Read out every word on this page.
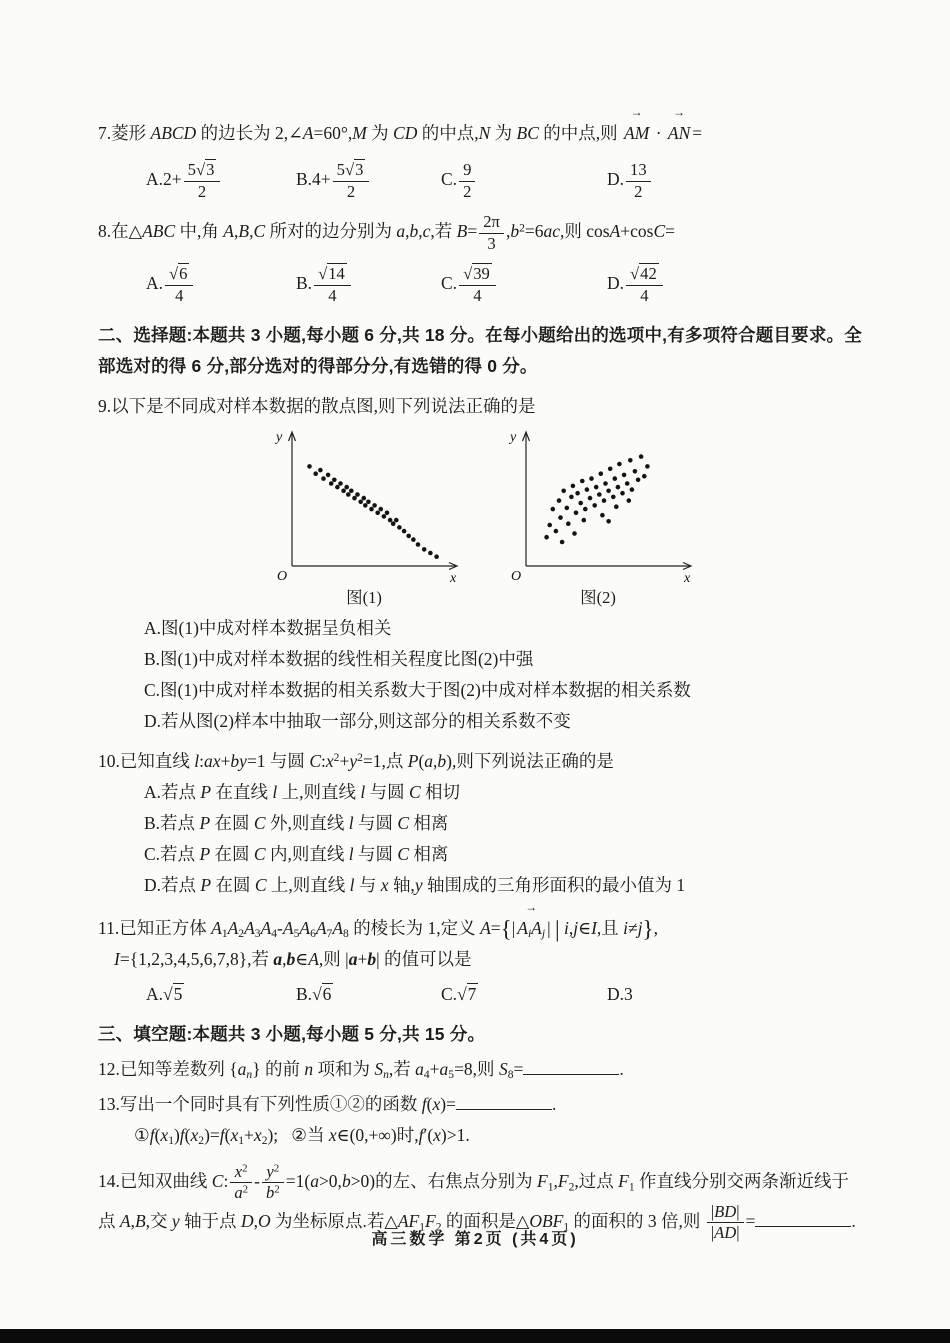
7.菱形 ABCD 的边长为 2,∠A=60°,M 为 CD 的中点,N 为 BC 的中点,则 AM → · AN → =
$A.2+ \frac{5√3}{2}$	$B.4+ \frac{5√3}{2}$	C. $\frac{9}{2}$	D. $\frac{13}{2}$
8.在△ABC 中,角 A,B,C 所对的边分别为 a,b,c,若 $B= \frac{2\pi}{3} ,b^2=6ac$,则 cosA+cosC=
A. $\frac{√6}{4}$	B. $\frac{√14}{4}$	C. $\frac{√39}{4}$	D. $\frac{√42}{4}$
二、选择题:本题共 3 小题,每小题 6 分,共 18 分。在每小题给出的选项中,有多项符合题目要求。全部选对的得 6 分,部分选对的得部分分,有选错的得 0 分。
9.以下是不同成对样本数据的散点图,则下列说法正确的是
y
x
O
图(1)
y
x
O
图(2)
A.图(1)中成对样本数据呈负相关
B.图(1)中成对样本数据的线性相关程度比图(2)中强
C.图(1)中成对样本数据的相关系数大于图(2)中成对样本数据的相关系数
D.若从图(2)样本中抽取一部分,则这部分的相关系数不变
10.已知直线 l:ax+by=1 与圆 $C:x^2+y^2=1$,点 P(a,b),则下列说法正确的是
A.若点 P 在直线 l 上,则直线 l 与圆 C 相切
B.若点 P 在圆 C 外,则直线 l 与圆 C 相离
C.若点 P 在圆 C 内,则直线 l 与圆 C 相离
D.若点 P 在圆 C 上,则直线 l 与 x 轴,y 轴围成的三角形面积的最小值为 1
11.已知正方体 $A_1A_2A_3A_4-A_5A_6A_7A_8$ 的棱长为 1,定义 A={| $A_iA_j$ → | | i,j∈I,且 i≠j},
I={1,2,3,4,5,6,7,8},若 a,b∈A,则 |a+b| 的值可以是
A.√5	B.√6	C.√7	D.3
三、填空题:本题共 3 小题,每小题 5 分,共 15 分。
12.已知等差数列 $\{a_n\}$ 的前 n 项和为 $S_n$,若 $a_4+a_5=8$,则 $S_8=$	.
13.写出一个同时具有下列性质①②的函数 f(x)=	.
$①f(x_1)f(x_2)=f(x_1+x_2)$;   ②当 x∈(0,+∞)时,f′(x)>1.
14.已知双曲线 C: $\frac{x^2}{a^2} - \frac{y^2}{b^2} =1(a>0,b>0)$的左、右焦点分别为 $F_1,F_2$,过点 $F_1$ 作直线分别交两条渐近线于点 A,B,交 y 轴于点 D,O 为坐标原点.若$\triangle AF_1F_2$ 的面积是$\triangle OBF_1$ 的面积的 3 倍,则 $\frac{|BD|}{|AD|}$ =	.
高三数学 第2页 (共4页)
